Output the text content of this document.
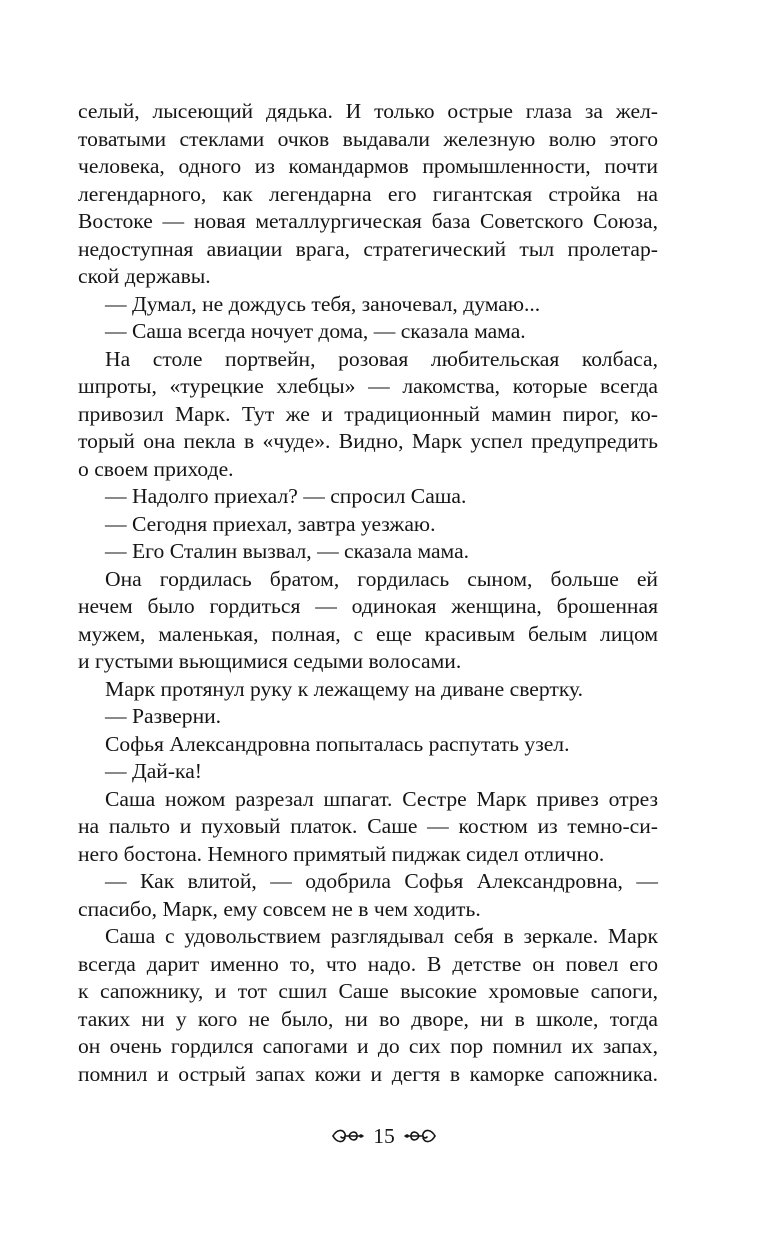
селый, лысеющий дядька. И только острые глаза за жел-
товатыми стеклами очков выдавали железную волю этого
человека, одного из командармов промышленности, почти
легендарного, как легендарна его гигантская стройка на
Востоке — новая металлургическая база Советского Союза,
недоступная авиации врага, стратегический тыл пролетар-
ской державы.
— Думал, не дождусь тебя, заночевал, думаю...
— Саша всегда ночует дома, — сказала мама.
На столе портвейн, розовая любительская колбаса,
шпроты, «турецкие хлебцы» — лакомства, которые всегда
привозил Марк. Тут же и традиционный мамин пирог, ко-
торый она пекла в «чуде». Видно, Марк успел предупредить
о своем приходе.
— Надолго приехал? — спросил Саша.
— Сегодня приехал, завтра уезжаю.
— Его Сталин вызвал, — сказала мама.
Она гордилась братом, гордилась сыном, больше ей
нечем было гордиться — одинокая женщина, брошенная
мужем, маленькая, полная, с еще красивым белым лицом
и густыми вьющимися седыми волосами.
Марк протянул руку к лежащему на диване свертку.
— Разверни.
Софья Александровна попыталась распутать узел.
— Дай-ка!
Саша ножом разрезал шпагат. Сестре Марк привез отрез
на пальто и пуховый платок. Саше — костюм из темно-си-
него бостона. Немного примятый пиджак сидел отлично.
— Как влитой, — одобрила Софья Александровна, —
спасибо, Марк, ему совсем не в чем ходить.
Саша с удовольствием разглядывал себя в зеркале. Марк
всегда дарит именно то, что надо. В детстве он повел его
к сапожнику, и тот сшил Саше высокие хромовые сапоги,
таких ни у кого не было, ни во дворе, ни в школе, тогда
он очень гордился сапогами и до сих пор помнил их запах,
помнил и острый запах кожи и дегтя в каморке сапожника.
15
